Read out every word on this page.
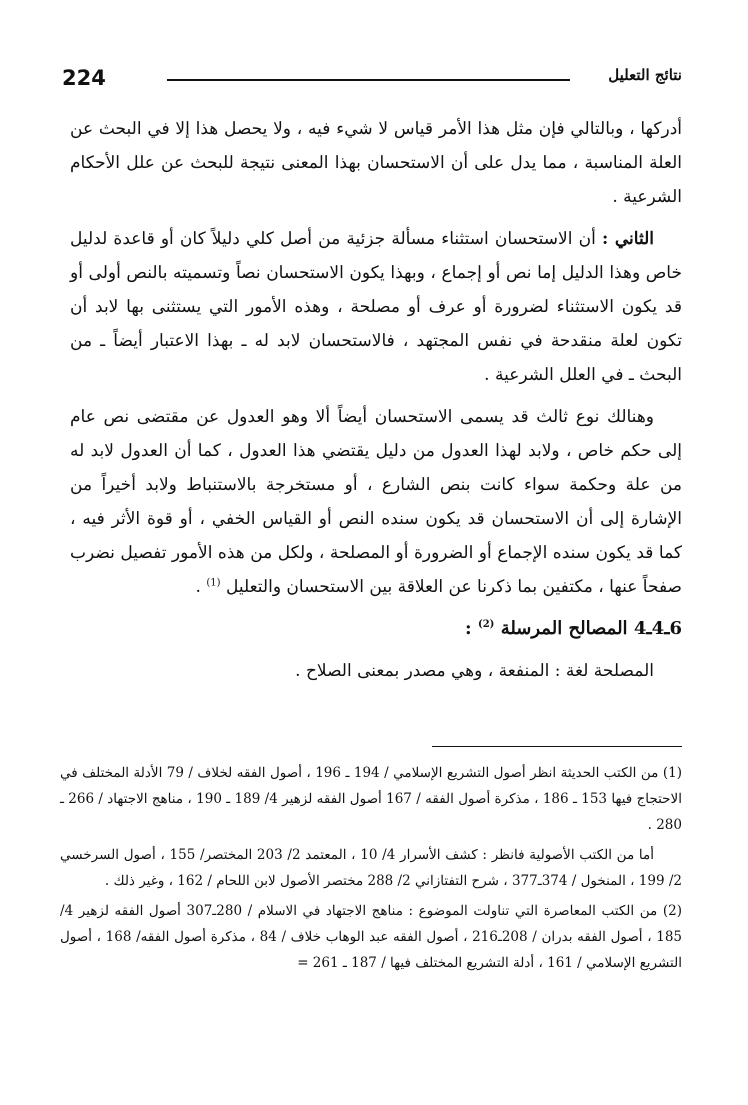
224	نتائج التعليل

أدركها ، وبالتالي فإن مثل هذا الأمر قياس لا شيء فيه ، ولا يحصل هذا إلا في البحث عن العلة المناسبة ، مما يدل على أن الاستحسان بهذا المعنى نتيجة للبحث عن علل الأحكام الشرعية .

الثاني : أن الاستحسان استثناء مسألة جزئية من أصل كلي دليلاً كان أو قاعدة لدليل خاص وهذا الدليل إما نص أو إجماع ، وبهذا يكون الاستحسان نصاً وتسميته بالنص أولى أو قد يكون الاستثناء لضرورة أو عرف أو مصلحة ، وهذه الأمور التي يستثنى بها لابد أن تكون لعلة منقدحة في نفس المجتهد ، فالاستحسان لابد له ـ بهذا الاعتبار أيضاً ـ من البحث ـ في العلل الشرعية .

وهنالك نوع ثالث قد يسمى الاستحسان أيضاً ألا وهو العدول عن مقتضى نص عام إلى حكم خاص ، ولابد لهذا العدول من دليل يقتضي هذا العدول ، كما أن العدول لابد له من علة وحكمة سواء كانت بنص الشارع ، أو مستخرجة بالاستنباط ولابد أخيراً من الإشارة إلى أن الاستحسان قد يكون سنده النص أو القياس الخفي ، أو قوة الأثر فيه ، كما قد يكون سنده الإجماع أو الضرورة أو المصلحة ، ولكل من هذه الأمور تفصيل نضرب صفحاً عنها ، مكتفين بما ذكرنا عن العلاقة بين الاستحسان والتعليل $^{(1)}$ .

6ـ4ـ4 المصالح المرسلة $^{(2)}$ :

المصلحة لغة : المنفعة ، وهي مصدر بمعنى الصلاح .

(1) من الكتب الحديثة انظر أصول التشريع الإسلامي / 194 ـ 196 ، أصول الفقه لخلاف / 79 الأدلة المختلف في الاحتجاج فيها 153 ـ 186 ، مذكرة أصول الفقه / 167 أصول الفقه لزهير 4/ 189 ـ 190 ، مناهج الاجتهاد / 266 ـ 280 .

أما من الكتب الأصولية فانظر : كشف الأسرار 4/ 10 ، المعتمد 2/ 203 المختصر/ 155 ، أصول السرخسي 2/ 199 ، المنخول / 374ـ377 ، شرح التفتازاني 2/ 288 مختصر الأصول لابن اللحام / 162 ، وغير ذلك .

(2) من الكتب المعاصرة التي تناولت الموضوع : مناهج الاجتهاد في الاسلام / 280ـ307 أصول الفقه لزهير 4/ 185 ، أصول الفقه بدران / 208ـ216 ، أصول الفقه عبد الوهاب خلاف / 84 ، مذكرة أصول الفقه/ 168 ، أصول التشريع الإسلامي / 161 ، أدلة التشريع المختلف فيها / 187 ـ 261 =
